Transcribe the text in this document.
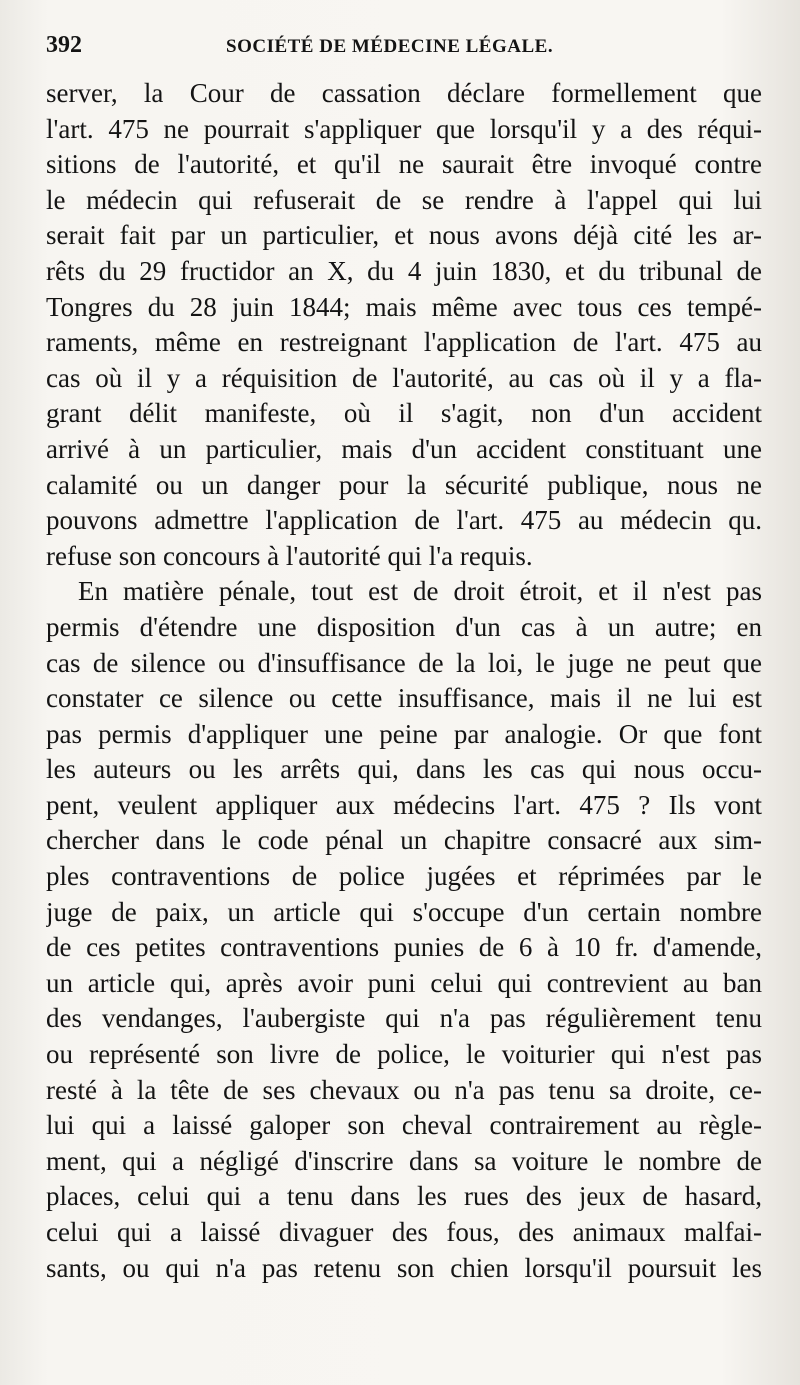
392	SOCIÉTÉ DE MÉDECINE LÉGALE.

server, la Cour de cassation déclare formellement que
l'art. 475 ne pourrait s'appliquer que lorsqu'il y a des réqui-
sitions de l'autorité, et qu'il ne saurait être invoqué contre
le médecin qui refuserait de se rendre à l'appel qui lui
serait fait par un particulier, et nous avons déjà cité les ar-
rêts du 29 fructidor an X, du 4 juin 1830, et du tribunal de
Tongres du 28 juin 1844; mais même avec tous ces tempé-
raments, même en restreignant l'application de l'art. 475 au
cas où il y a réquisition de l'autorité, au cas où il y a fla-
grant délit manifeste, où il s'agit, non d'un accident
arrivé à un particulier, mais d'un accident constituant une
calamité ou un danger pour la sécurité publique, nous ne
pouvons admettre l'application de l'art. 475 au médecin qu.
refuse son concours à l'autorité qui l'a requis.

En matière pénale, tout est de droit étroit, et il n'est pas
permis d'étendre une disposition d'un cas à un autre; en
cas de silence ou d'insuffisance de la loi, le juge ne peut que
constater ce silence ou cette insuffisance, mais il ne lui est
pas permis d'appliquer une peine par analogie. Or que font
les auteurs ou les arrêts qui, dans les cas qui nous occu-
pent, veulent appliquer aux médecins l'art. 475 ? Ils vont
chercher dans le code pénal un chapitre consacré aux sim-
ples contraventions de police jugées et réprimées par le
juge de paix, un article qui s'occupe d'un certain nombre
de ces petites contraventions punies de 6 à 10 fr. d'amende,
un article qui, après avoir puni celui qui contrevient au ban
des vendanges, l'aubergiste qui n'a pas régulièrement tenu
ou représenté son livre de police, le voiturier qui n'est pas
resté à la tête de ses chevaux ou n'a pas tenu sa droite, ce-
lui qui a laissé galoper son cheval contrairement au règle-
ment, qui a négligé d'inscrire dans sa voiture le nombre de
places, celui qui a tenu dans les rues des jeux de hasard,
celui qui a laissé divaguer des fous, des animaux malfai-
sants, ou qui n'a pas retenu son chien lorsqu'il poursuit les
